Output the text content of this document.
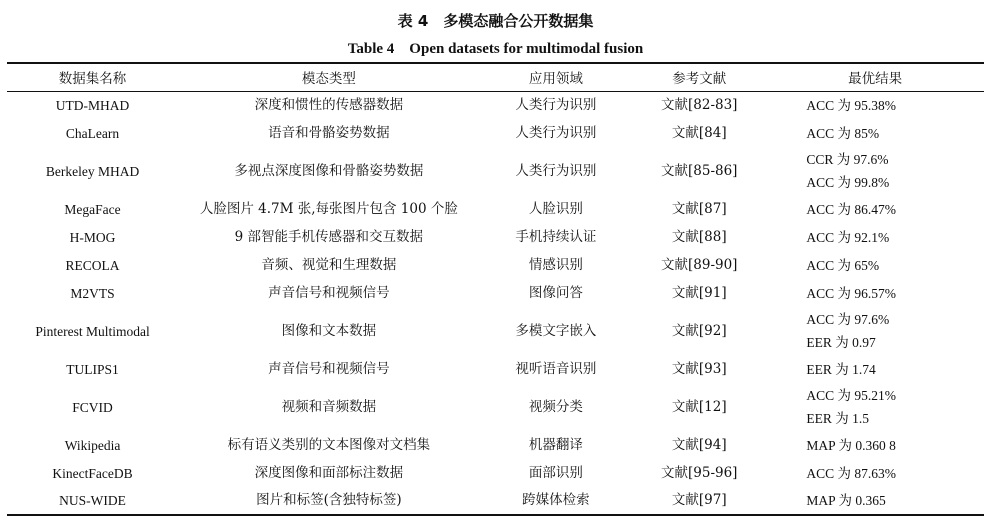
表 4　多模态融合公开数据集
Table 4　Open datasets for multimodal fusion
数据集名称	模态类型	应用领域	参考文献	最优结果
UTD-MHAD	深度和惯性的传感器数据	人类行为识别	文献[82-83]	ACC 为 95.38%

ChaLearn	语音和骨骼姿势数据	人类行为识别	文献[84]	ACC 为 85%

Berkeley MHAD	多视点深度图像和骨骼姿势数据	人类行为识别	文献[85-86]	CCR 为 97.6%
ACC 为 99.8%

MegaFace	人脸图片 4.7M 张,每张图片包含 100 个脸	人脸识别	文献[87]	ACC 为 86.47%

H-MOG	9 部智能手机传感器和交互数据	手机持续认证	文献[88]	ACC 为 92.1%

RECOLA	音频、视觉和生理数据	情感识别	文献[89-90]	ACC 为 65%

M2VTS	声音信号和视频信号	图像问答	文献[91]	ACC 为 96.57%

Pinterest Multimodal	图像和文本数据	多模文字嵌入	文献[92]	ACC 为 97.6%
EER 为 0.97

TULIPS1	声音信号和视频信号	视听语音识别	文献[93]	EER 为 1.74

FCVID	视频和音频数据	视频分类	文献[12]	ACC 为 95.21%
EER 为 1.5

Wikipedia	标有语义类别的文本图像对文档集	机器翻译	文献[94]	MAP 为 0.360 8

KinectFaceDB	深度图像和面部标注数据	面部识别	文献[95-96]	ACC 为 87.63%

NUS-WIDE	图片和标签(含独特标签)	跨媒体检索	文献[97]	MAP 为 0.365
